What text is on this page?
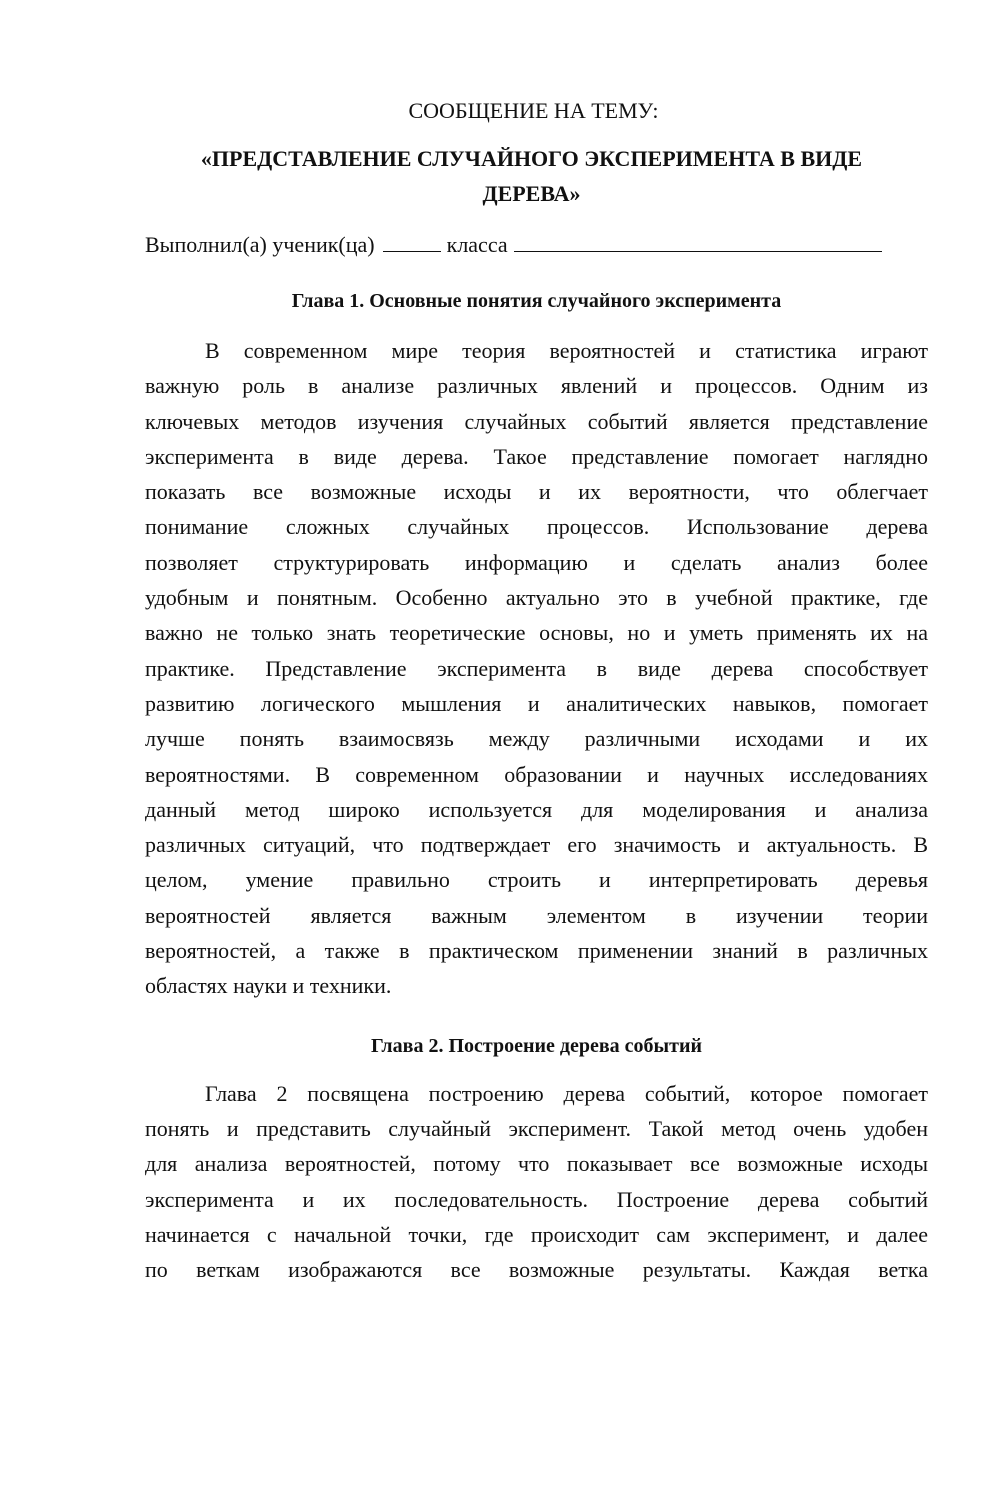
СООБЩЕНИЕ НА ТЕМУ:
«ПРЕДСТАВЛЕНИЕ СЛУЧАЙНОГО ЭКСПЕРИМЕНТА В ВИДЕ
ДЕРЕВА»
Выполнил(а) ученик(ца)	класса
Глава 1. Основные понятия случайного эксперимента
В современном мире теория вероятностей и статистика играют
важную роль в анализе различных явлений и процессов. Одним из
ключевых методов изучения случайных событий является представление
эксперимента в виде дерева. Такое представление помогает наглядно
показать все возможные исходы и их вероятности, что облегчает
понимание сложных случайных процессов. Использование дерева
позволяет структурировать информацию и сделать анализ более
удобным и понятным. Особенно актуально это в учебной практике, где
важно не только знать теоретические основы, но и уметь применять их на
практике. Представление эксперимента в виде дерева способствует
развитию логического мышления и аналитических навыков, помогает
лучше понять взаимосвязь между различными исходами и их
вероятностями. В современном образовании и научных исследованиях
данный метод широко используется для моделирования и анализа
различных ситуаций, что подтверждает его значимость и актуальность. В
целом, умение правильно строить и интерпретировать деревья
вероятностей является важным элементом в изучении теории
вероятностей, а также в практическом применении знаний в различных
областях науки и техники.
Глава 2. Построение дерева событий
Глава 2 посвящена построению дерева событий, которое помогает
понять и представить случайный эксперимент. Такой метод очень удобен
для анализа вероятностей, потому что показывает все возможные исходы
эксперимента и их последовательность. Построение дерева событий
начинается с начальной точки, где происходит сам эксперимент, и далее
по веткам изображаются все возможные результаты. Каждая ветка
